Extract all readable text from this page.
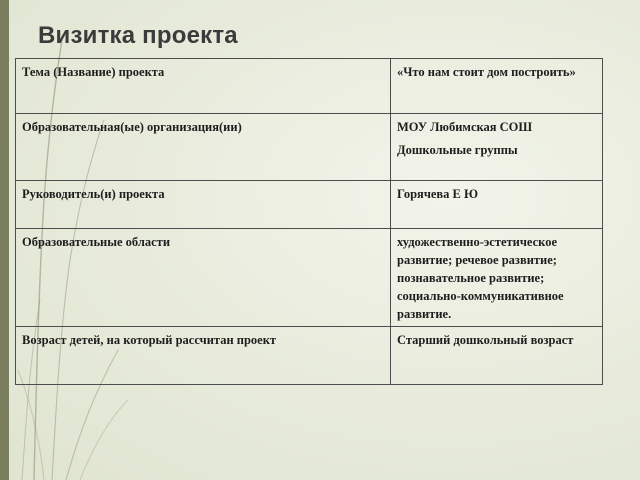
Визитка проекта
Тема (Название) проекта	«Что нам стоит дом построить»

Образовательная(ые) организация(ии)	МОУ Любимская СОШ
Дошкольные группы

Руководитель(и) проекта	Горячева Е Ю

Образовательные области	художественно-эстетическое
развитие; речевое развитие;
познавательное развитие;
социально-коммуникативное
развитие.

Возраст детей, на который рассчитан проект	Старший дошкольный возраст
